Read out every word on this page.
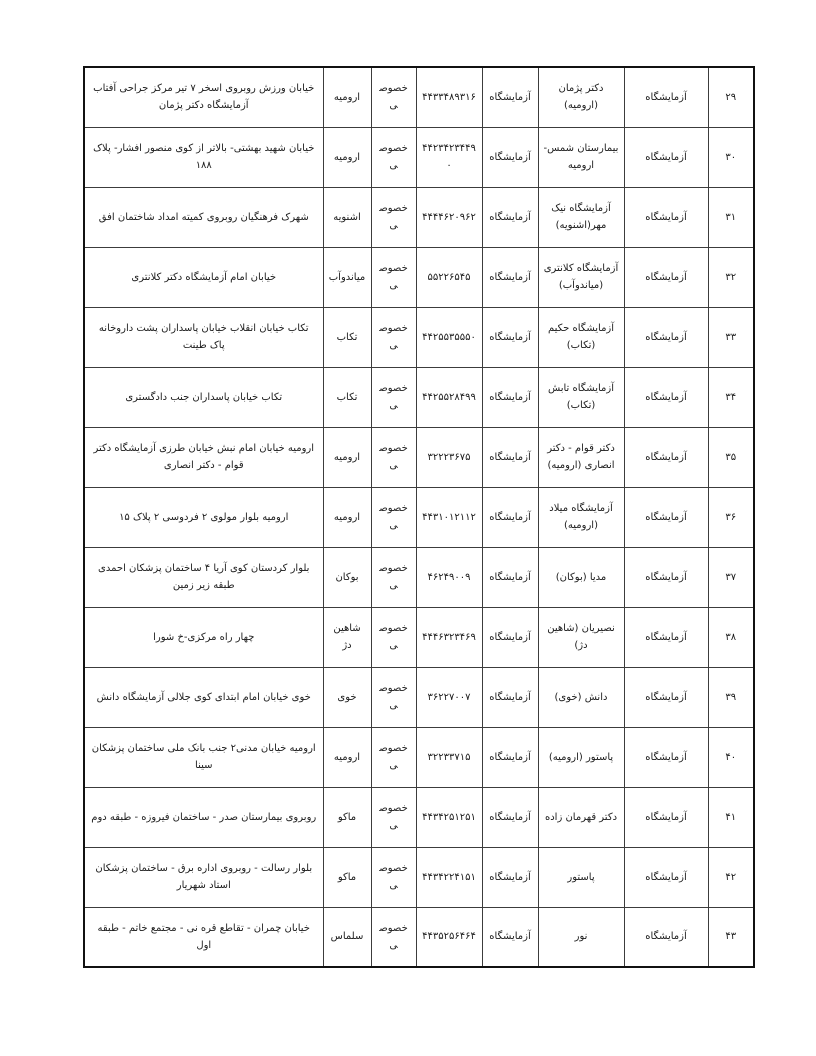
۲۹	آزمایشگاه	دکتر پژمان (ارومیه)	آزمایشگاه	۴۴۳۳۴۸۹۳۱۶	خصوصی	ارومیه	خیابان ورزش روبروی اسخر ۷ تیر مرکز جراحی آفتاب آزمایشگاه دکتر پژمان
۳۰	آزمایشگاه	بیمارستان شمس- ارومیه	آزمایشگاه	۴۴۲۳۴۲۳۴۴۹۰	خصوصی	ارومیه	خیابان شهید بهشتی- بالاتر از کوی منصور افشار- پلاک ۱۸۸
۳۱	آزمایشگاه	آزمایشگاه نیک مهر(اشنویه)	آزمایشگاه	۴۴۴۴۶۲۰۹۶۲	خصوصی	اشنویه	شهرک فرهنگیان روبروی کمیته امداد شاختمان افق
۳۲	آزمایشگاه	آزمایشگاه کلانتری (میاندوآب)	آزمایشگاه	۵۵۲۲۶۵۴۵	خصوصی	میاندوآب	خیابان امام آزمایشگاه دکتر کلانتری
۳۳	آزمایشگاه	آزمایشگاه حکیم (تکاب)	آزمایشگاه	۴۴۲۵۵۳۵۵۵۰	خصوصی	تکاب	تکاب خیابان انقلاب خیابان پاسداران پشت داروخانه پاک طینت
۳۴	آزمایشگاه	آزمایشگاه تابش (تکاب)	آزمایشگاه	۴۴۲۵۵۲۸۴۹۹	خصوصی	تکاب	تکاب خیابان پاسداران جنب دادگستری
۳۵	آزمایشگاه	دکتر قوام - دکتر انصاری (ارومیه)	آزمایشگاه	۳۲۲۲۳۶۷۵	خصوصی	ارومیه	ارومیه خیابان امام نبش خیابان طرزی آزمایشگاه دکتر قوام - دکتر انصاری
۳۶	آزمایشگاه	آزمایشگاه میلاد (ارومیه)	آزمایشگاه	۴۴۳۱۰۱۲۱۱۲	خصوصی	ارومیه	ارومیه بلوار مولوی ۲ فردوسی ۲ پلاک ۱۵
۳۷	آزمایشگاه	مدیا (بوکان)	آزمایشگاه	۴۶۲۴۹۰۰۹	خصوصی	بوکان	بلوار کردستان کوی آریا ۴ ساختمان پزشکان احمدی طبقه زیر زمین
۳۸	آزمایشگاه	نصیریان (شاهین دژ)	آزمایشگاه	۴۴۴۶۳۲۳۴۶۹	خصوصی	شاهین دژ	چهار راه مرکزی-خ شورا
۳۹	آزمایشگاه	دانش (خوی)	آزمایشگاه	۳۶۲۲۷۰۰۷	خصوصی	خوی	خوی خیابان امام ابتدای کوی جلالی آزمایشگاه دانش
۴۰	آزمایشگاه	پاستور (ارومیه)	آزمایشگاه	۳۲۲۳۳۷۱۵	خصوصی	ارومیه	ارومیه خیابان مدنی۲ جنب بانک ملی ساختمان پزشکان سینا
۴۱	آزمایشگاه	دکتر قهرمان زاده	آزمایشگاه	۴۴۳۴۲۵۱۲۵۱	خصوصی	ماکو	روبروی بیمارستان صدر - ساختمان فیروزه - طبقه دوم
۴۲	آزمایشگاه	پاستور	آزمایشگاه	۴۴۳۴۲۲۴۱۵۱	خصوصی	ماکو	بلوار رسالت - روبروی اداره برق - ساختمان پزشکان استاد شهریار
۴۳	آزمایشگاه	نور	آزمایشگاه	۴۴۳۵۲۵۶۴۶۴	خصوصی	سلماس	خیابان چمران - تقاطع قره نی - مجتمع خاتم - طبقه اول
